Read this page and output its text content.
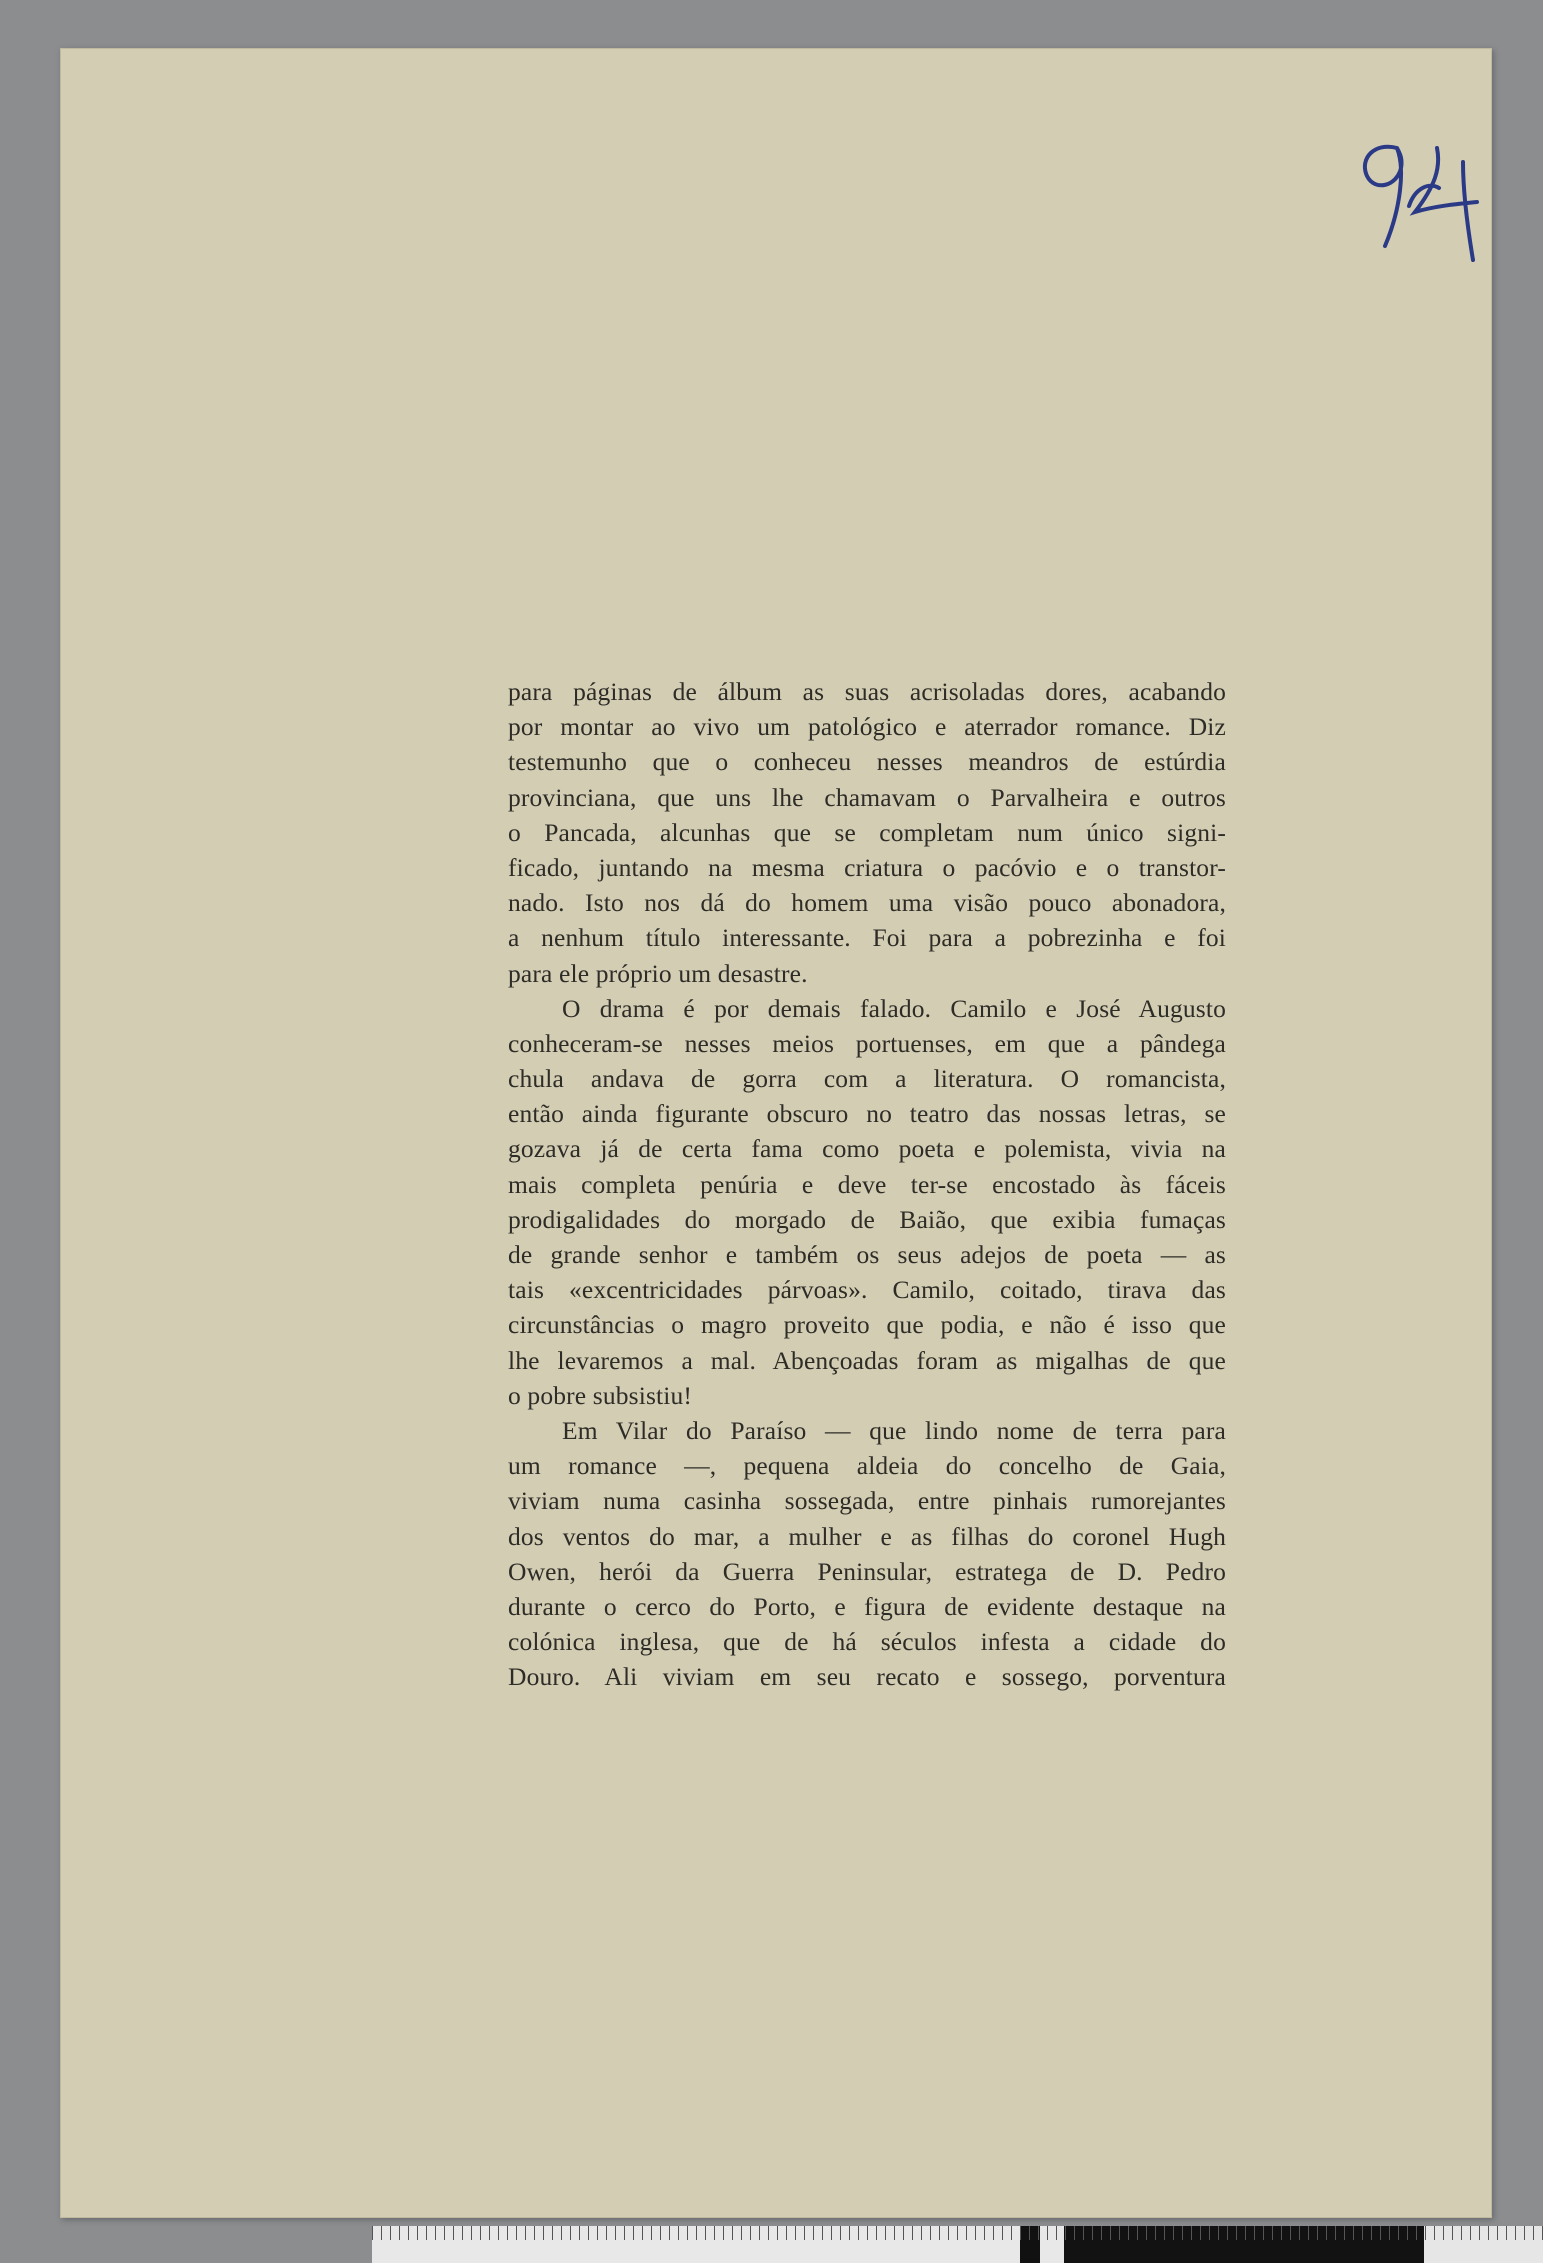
para páginas de álbum as suas acrisoladas dores, acabando
por montar ao vivo um patológico e aterrador romance. Diz
testemunho que o conheceu nesses meandros de estúrdia
provinciana, que uns lhe chamavam o Parvalheira e outros
o Pancada, alcunhas que se completam num único signi-
ficado, juntando na mesma criatura o pacóvio e o transtor-
nado. Isto nos dá do homem uma visão pouco abonadora,
a nenhum título interessante. Foi para a pobrezinha e foi
para ele próprio um desastre.
O drama é por demais falado. Camilo e José Augusto
conheceram-se nesses meios portuenses, em que a pândega
chula andava de gorra com a literatura. O romancista,
então ainda figurante obscuro no teatro das nossas letras, se
gozava já de certa fama como poeta e polemista, vivia na
mais completa penúria e deve ter-se encostado às fáceis
prodigalidades do morgado de Baião, que exibia fumaças
de grande senhor e também os seus adejos de poeta — as
tais «excentricidades párvoas». Camilo, coitado, tirava das
circunstâncias o magro proveito que podia, e não é isso que
lhe levaremos a mal. Abençoadas foram as migalhas de que
o pobre subsistiu!
Em Vilar do Paraíso — que lindo nome de terra para
um romance —, pequena aldeia do concelho de Gaia,
viviam numa casinha sossegada, entre pinhais rumorejantes
dos ventos do mar, a mulher e as filhas do coronel Hugh
Owen, herói da Guerra Peninsular, estratega de D. Pedro
durante o cerco do Porto, e figura de evidente destaque na
colónica inglesa, que de há séculos infesta a cidade do
Douro. Ali viviam em seu recato e sossego, porventura
